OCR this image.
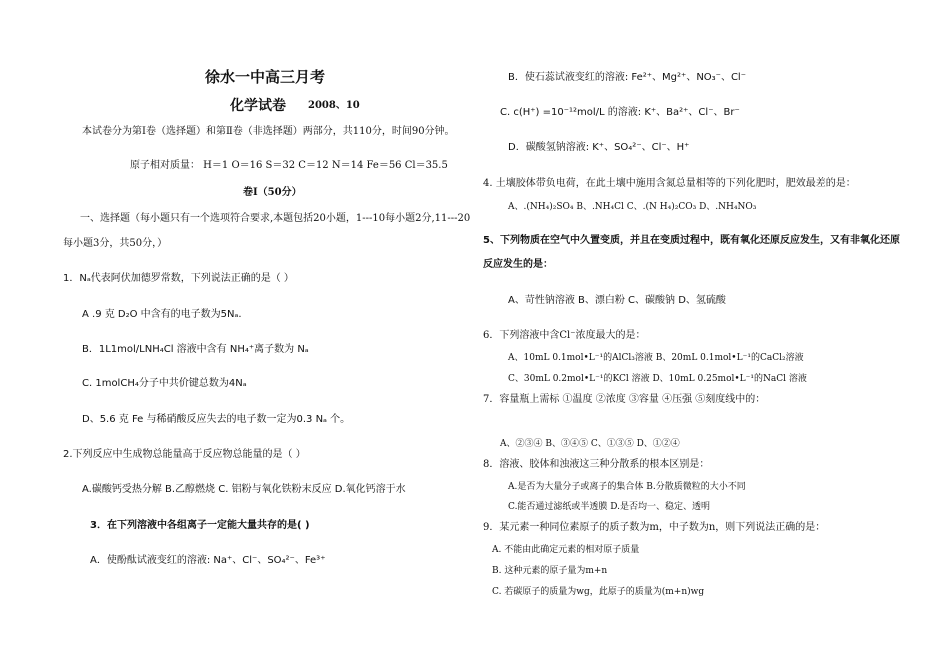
徐水一中高三月考
化学试卷 2008、10
本试卷分为第Ⅰ卷（选择题）和第Ⅱ卷（非选择题）两部分，共110分，时间90分钟。
原子相对质量： H＝1 O＝16 S＝32 C＝12 N＝14 Fe＝56 Cl＝35.5
卷Ⅰ（50分）
一、选择题（每小题只有一个选项符合要求,本题包括20小题，1---10每小题2分,11---20
每小题3分，共50分，）
1．Nₐ代表阿伏加德罗常数，下列说法正确的是（ ）
A .9 克 D₂O 中含有的电子数为5Nₐ.
B．1L1mol/LNH₄Cl 溶液中含有 NH₄⁺离子数为 Nₐ
C. 1molCH₄分子中共价键总数为4Nₐ
D、5.6 克 Fe 与稀硝酸反应失去的电子数一定为0.3 Nₐ 个。
2.下列反应中生成物总能量高于反应物总能量的是（ ）
A.碳酸钙受热分解 B.乙醇燃烧 C. 铝粉与氧化铁粉末反应 D.氧化钙溶于水
3．在下列溶液中各组离子一定能大量共存的是( )
A．使酚酞试液变红的溶液: Na⁺、Cl⁻、SO₄²⁻、Fe³⁺
B．使石蕊试液变红的溶液: Fe²⁺、Mg²⁺、NO₃⁻、Cl⁻
C. c(H⁺) =10⁻¹²mol/L 的溶液: K⁺、Ba²⁺、Cl⁻、Br⁻
D．碳酸氢钠溶液: K⁺、SO₄²⁻、Cl⁻、H⁺
4. 土壤胶体带负电荷，在此土壤中施用含氮总量相等的下列化肥时，肥效最差的是：
A、.(NH₄)₂SO₄ B、.NH₄Cl C、.(N H₄)₂CO₃ D、.NH₄NO₃
5、下列物质在空气中久置变质，并且在变质过程中，既有氧化还原反应发生，又有非氧化还原
反应发生的是：
A、苛性钠溶液 B、漂白粉 C、碳酸钠 D、氢硫酸
6．下列溶液中含Cl⁻浓度最大的是：
A、10mL 0.1mol•L⁻¹的AlCl₃溶液 B、20mL 0.1mol•L⁻¹的CaCl₂溶液
C、30mL 0.2mol•L⁻¹的KCl 溶液 D、10mL 0.25mol•L⁻¹的NaCl 溶液
7．容量瓶上需标 ①温度 ②浓度 ③容量 ④压强 ⑤刻度线中的：
A、②③④ B、③④⑤ C、①③⑤ D、①②④
8．溶液、胶体和浊液这三种分散系的根本区别是：
A.是否为大量分子或离子的集合体 B.分散质微粒的大小不同
C.能否通过滤纸或半透膜 D.是否均一、稳定、透明
9．某元素一种同位素原子的质子数为m，中子数为n，则下列说法正确的是：
A. 不能由此确定元素的相对原子质量
B. 这种元素的原子量为m+n
C. 若碳原子的质量为wg，此原子的质量为(m+n)wg
